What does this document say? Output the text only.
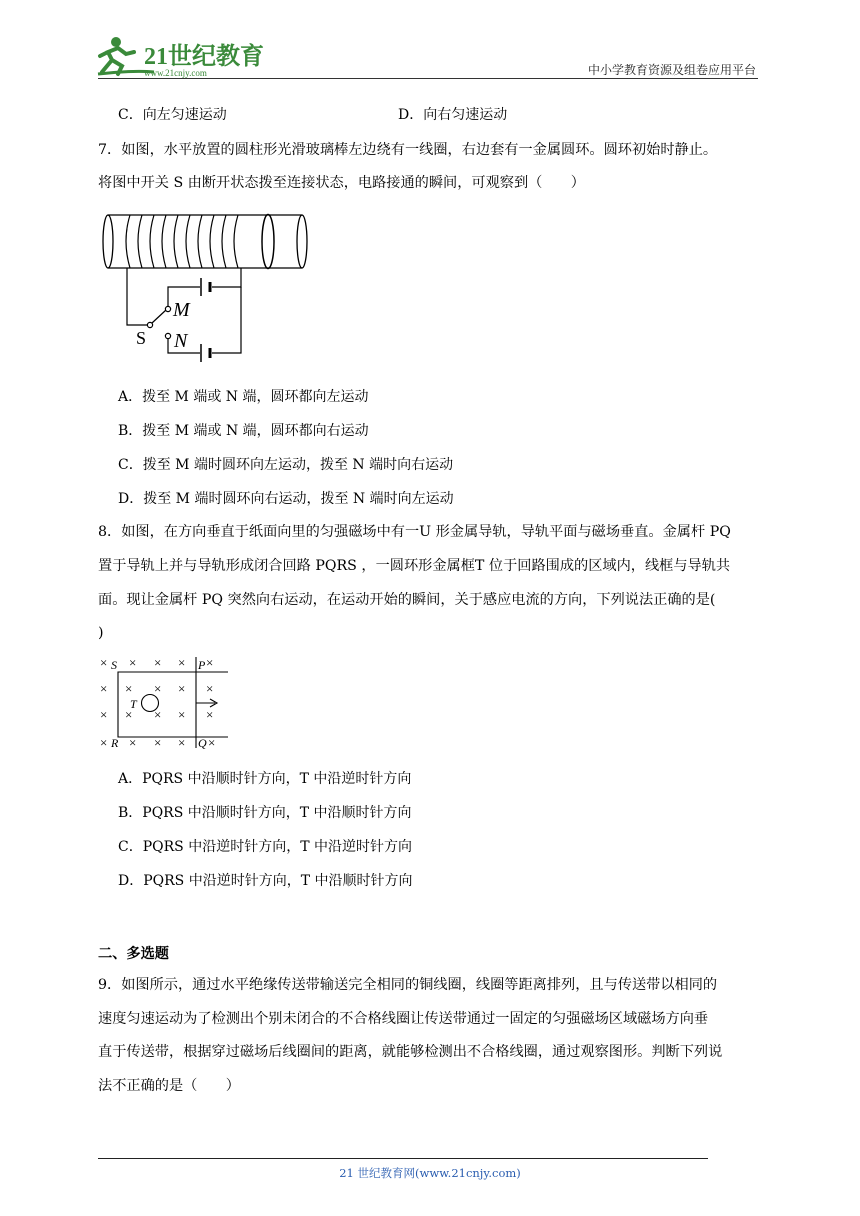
21世纪教育
www.21cnjy.com	中小学教育资源及组卷应用平台
C．向左匀速运动	D．向右匀速运动
7．如图，水平放置的圆柱形光滑玻璃棒左边绕有一线圈，右边套有一金属圆环。圆环初始时静止。
将图中开关 S 由断开状态拨至连接状态，电路接通的瞬间，可观察到（　　）
M
N
S
A．拨至 M 端或 N 端，圆环都向左运动
B．拨至 M 端或 N 端，圆环都向右运动
C．拨至 M 端时圆环向左运动，拨至 N 端时向右运动
D．拨至 M 端时圆环向右运动，拨至 N 端时向左运动
8．如图，在方向垂直于纸面向里的匀强磁场中有一U 形金属导轨，导轨平面与磁场垂直。金属杆 PQ
置于导轨上并与导轨形成闭合回路 PQRS ，一圆环形金属框T 位于回路围成的区域内，线框与导轨共
面。现让金属杆 PQ 突然向右运动，在运动开始的瞬间，关于感应电流的方向，下列说法正确的是(
)
×	× ×
×	×
× × × × ×
× × × × ×
× × × × ×
S	P
R	Q
T
A．PQRS 中沿顺时针方向，T 中沿逆时针方向
B．PQRS 中沿顺时针方向，T 中沿顺时针方向
C．PQRS 中沿逆时针方向，T 中沿逆时针方向
D．PQRS 中沿逆时针方向，T 中沿顺时针方向
二、多选题
9．如图所示，通过水平绝缘传送带输送完全相同的铜线圈，线圈等距离排列，且与传送带以相同的
速度匀速运动为了检测出个别未闭合的不合格线圈让传送带通过一固定的匀强磁场区域磁场方向垂
直于传送带，根据穿过磁场后线圈间的距离，就能够检测出不合格线圈，通过观察图形。判断下列说
法不正确的是（　　）
21 世纪教育网(www.21cnjy.com)
